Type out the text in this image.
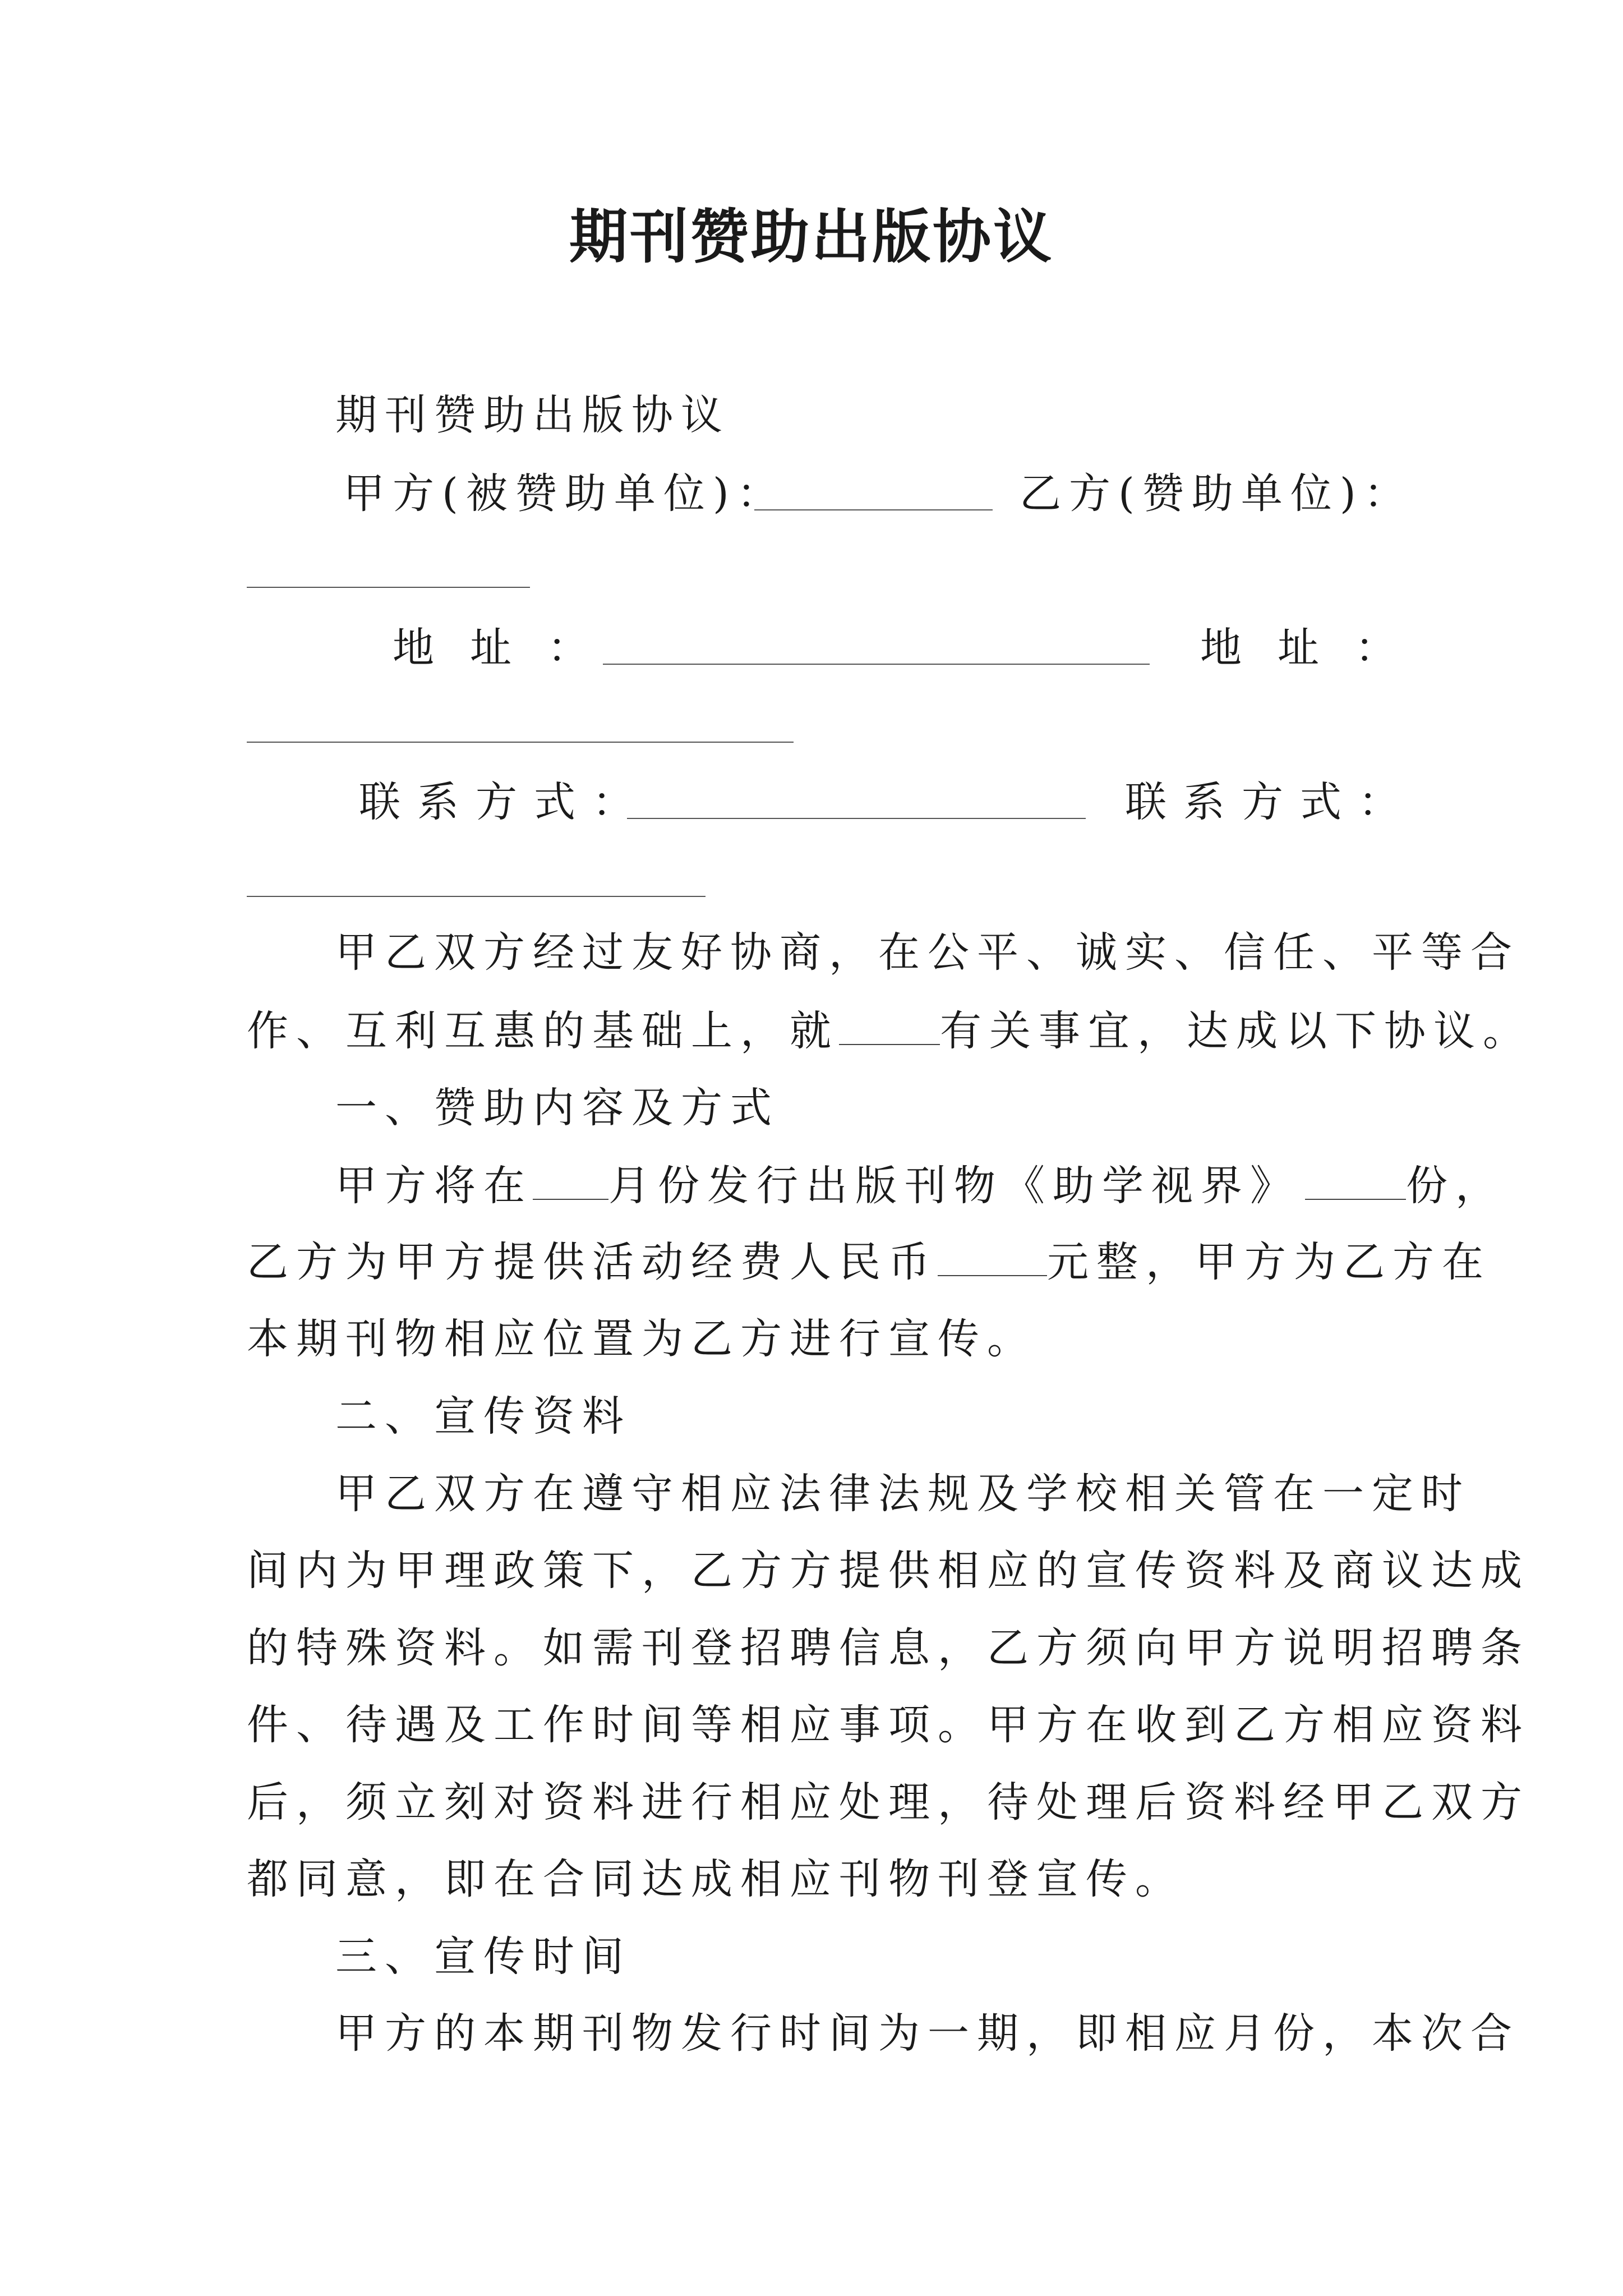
期刊赞助出版协议
期刊赞助出版协议
甲方(被赞助单位)：	乙方(赞助单位)：
地址：	地址：
联系方式：	联系方式：
甲乙双方经过友好协商，在公平、诚实、信任、平等合
作、互利互惠的基础上，就 有关事宜，达成以下协议。
一、赞助内容及方式
甲方将在 月份发行出版刊物《助学视界》	份，
乙方为甲方提供活动经费人民币	元整，甲方为乙方在
本期刊物相应位置为乙方进行宣传。
二、宣传资料
甲乙双方在遵守相应法律法规及学校相关管在一定时
间内为甲理政策下，乙方方提供相应的宣传资料及商议达成
的特殊资料。如需刊登招聘信息，乙方须向甲方说明招聘条
件、待遇及工作时间等相应事项。甲方在收到乙方相应资料
后，须立刻对资料进行相应处理，待处理后资料经甲乙双方
都同意，即在合同达成相应刊物刊登宣传。
三、宣传时间
甲方的本期刊物发行时间为一期，即相应月份，本次合
